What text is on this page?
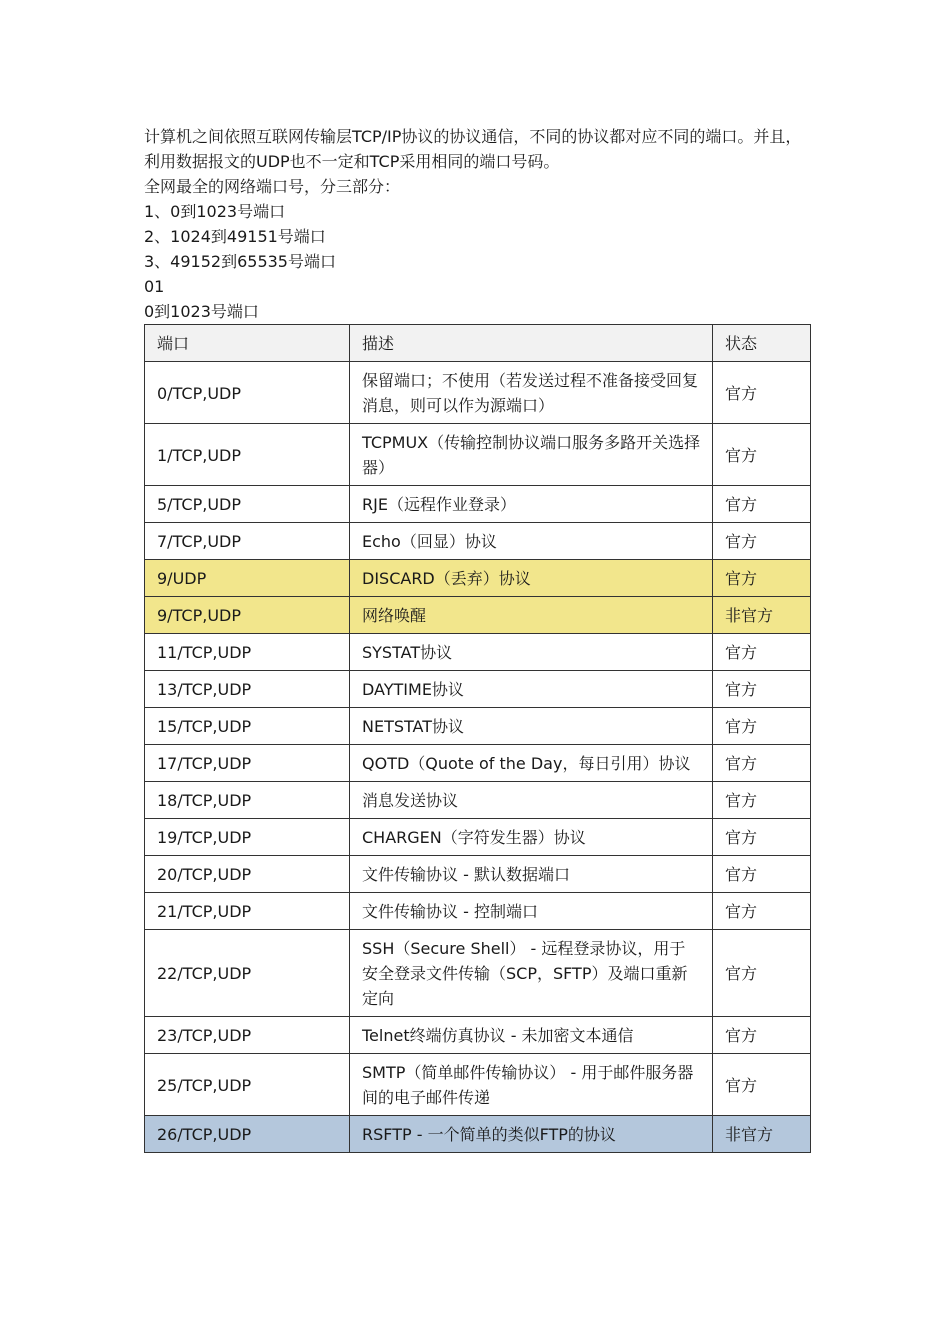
计算机之间依照互联网传输层TCP/IP协议的协议通信，不同的协议都对应不同的端口。并且，利用数据报文的UDP也不一定和TCP采用相同的端口号码。

全网最全的网络端口号，分三部分：

1、0到1023号端口

2、1024到49151号端口

3、49152到65535号端口

01

0到1023号端口

端口	描述	状态
0/TCP,UDP	保留端口；不使用（若发送过程不准备接受回复消息，则可以作为源端口）	官方
1/TCP,UDP	TCPMUX（传输控制协议端口服务多路开关选择器）	官方
5/TCP,UDP	RJE（远程作业登录）	官方
7/TCP,UDP	Echo（回显）协议	官方
9/UDP	DISCARD（丢弃）协议	官方
9/TCP,UDP	网络唤醒	非官方
11/TCP,UDP	SYSTAT协议	官方
13/TCP,UDP	DAYTIME协议	官方
15/TCP,UDP	NETSTAT协议	官方
17/TCP,UDP	QOTD（Quote of the Day，每日引用）协议	官方
18/TCP,UDP	消息发送协议	官方
19/TCP,UDP	CHARGEN（字符发生器）协议	官方
20/TCP,UDP	文件传输协议 - 默认数据端口	官方
21/TCP,UDP	文件传输协议 - 控制端口	官方
22/TCP,UDP	SSH（Secure Shell） - 远程登录协议，用于安全登录文件传输（SCP，SFTP）及端口重新定向	官方
23/TCP,UDP	Telnet终端仿真协议 - 未加密文本通信	官方
25/TCP,UDP	SMTP（简单邮件传输协议） - 用于邮件服务器间的电子邮件传递	官方
26/TCP,UDP	RSFTP - 一个简单的类似FTP的协议	非官方
